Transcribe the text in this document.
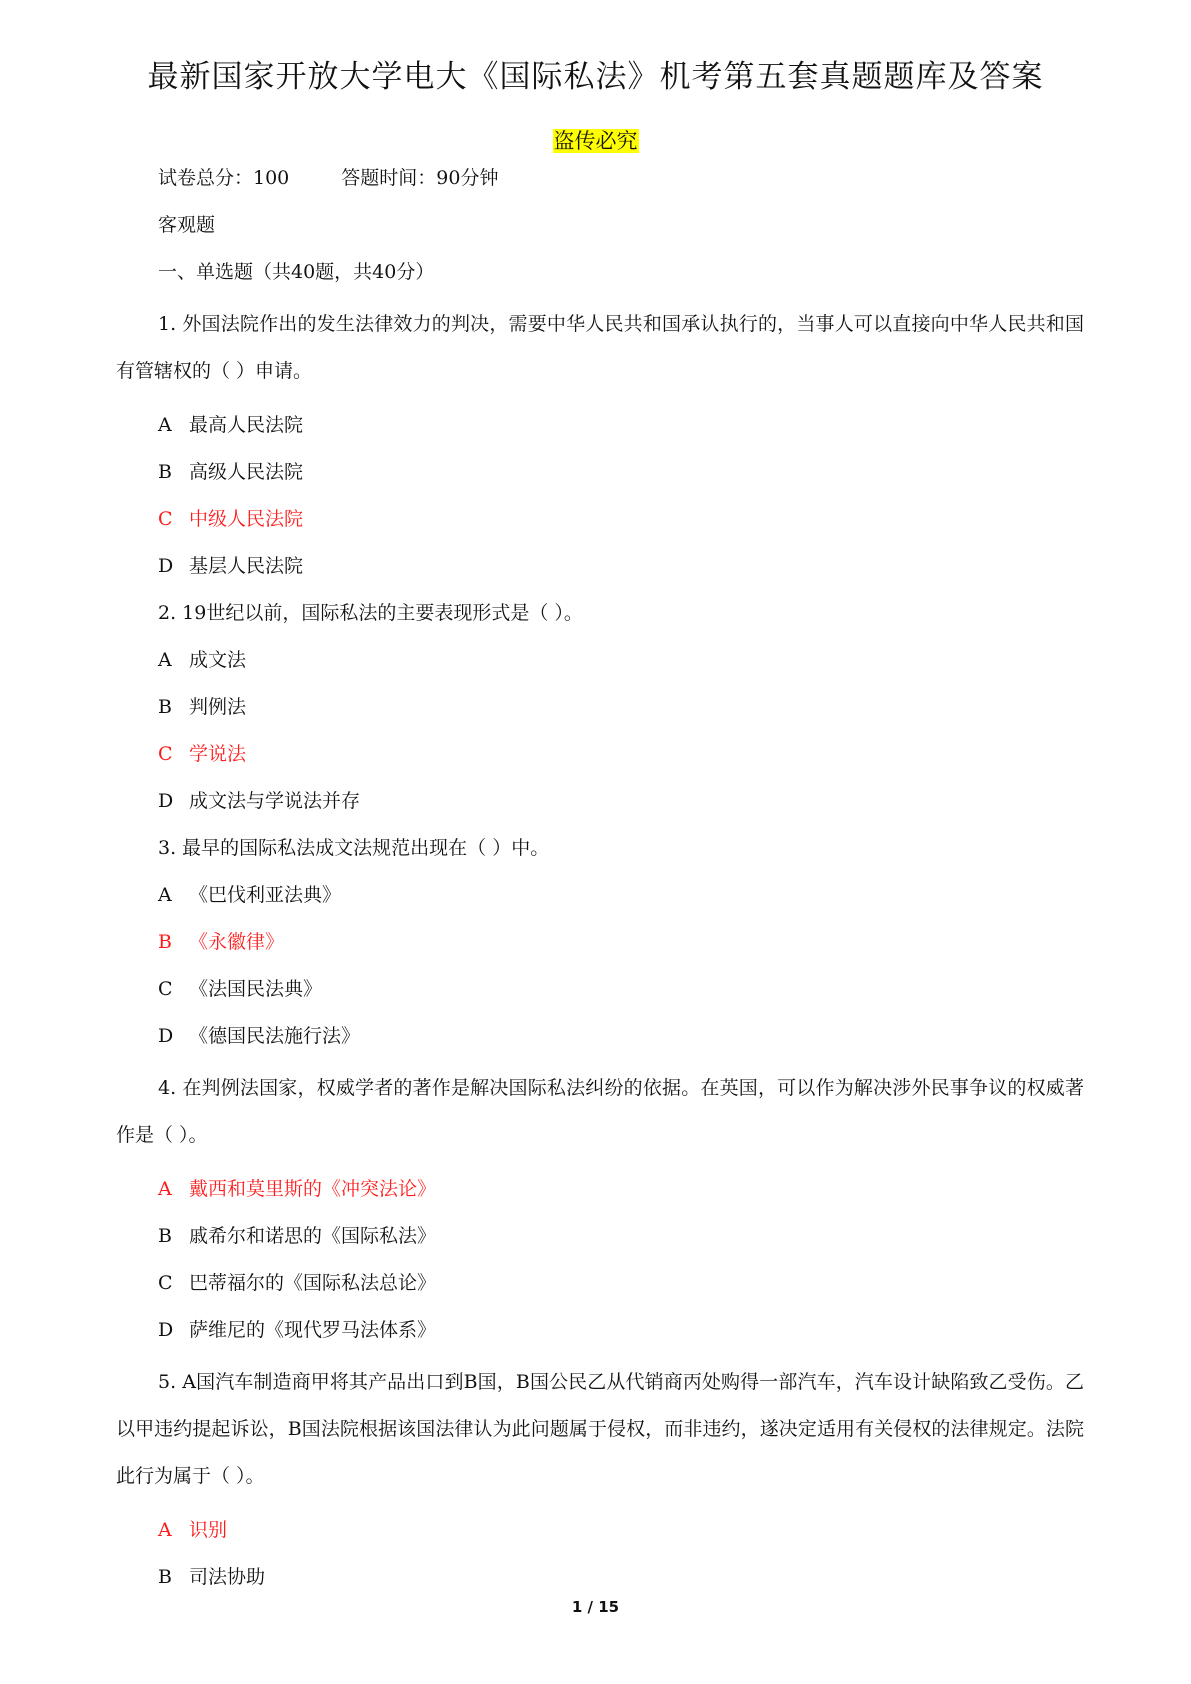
最新国家开放大学电大《国际私法》机考第五套真题题库及答案
盗传必究
试卷总分：100	答题时间：90分钟
客观题
一、单选题（共40题，共40分）
1. 外国法院作出的发生法律效力的判决，需要中华人民共和国承认执行的，当事人可以直接向中华人民共和国有管辖权的（ ）申请。
A 最高人民法院
B 高级人民法院
C 中级人民法院
D 基层人民法院
2. 19世纪以前，国际私法的主要表现形式是（ ）。
A 成文法
B 判例法
C 学说法
D 成文法与学说法并存
3. 最早的国际私法成文法规范出现在（ ）中。
A 《巴伐利亚法典》
B 《永徽律》
C 《法国民法典》
D 《德国民法施行法》
4. 在判例法国家，权威学者的著作是解决国际私法纠纷的依据。在英国，可以作为解决涉外民事争议的权威著作是（ ）。
A 戴西和莫里斯的《冲突法论》
B 戚希尔和诺思的《国际私法》
C 巴蒂福尔的《国际私法总论》
D 萨维尼的《现代罗马法体系》
5. A国汽车制造商甲将其产品出口到B国，B国公民乙从代销商丙处购得一部汽车，汽车设计缺陷致乙受伤。乙以甲违约提起诉讼，B国法院根据该国法律认为此问题属于侵权，而非违约，遂决定适用有关侵权的法律规定。法院此行为属于（ ）。
A 识别
B 司法协助
1 / 15
